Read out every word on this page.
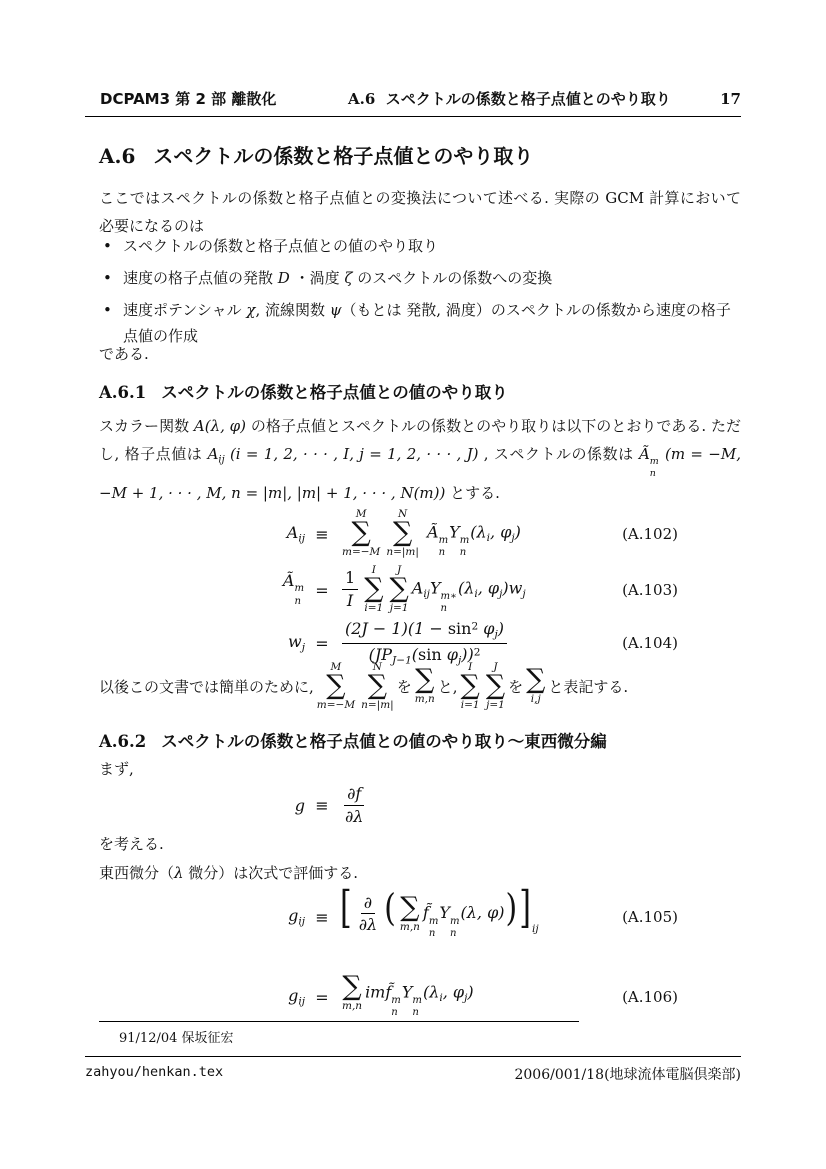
DCPAM3 第 2 部 離散化	A.6 スペクトルの係数と格子点値とのやり取り	17
A.6 スペクトルの係数と格子点値とのやり取り
ここではスペクトルの係数と格子点値との変換法について述べる. 実際の GCM 計算において必要になるのは
• スペクトルの係数と格子点値との値のやり取り
• 速度の格子点値の発散 D ・渦度 ζ のスペクトルの係数への変換
• 速度ポテンシャル χ, 流線関数 ψ（もとは 発散, 渦度）のスペクトルの係数から速度の格子点値の作成
である.
A.6.1 スペクトルの係数と格子点値との値のやり取り
スカラー関数 A(λ, φ) の格子点値とスペクトルの係数とのやり取りは以下のとおりである. ただし, 格子点値は $A_{ij}$ (i = 1, 2, · · · , I, j = 1, 2, · · · , J) , スペクトルの係数は Ã m
n
(m = −M, −M + 1, · · · , M, n = |m|, |m| + 1, · · · , N(m)) とする.
$A_{ij}$ ≡
M
∑
m=−M
N
∑
n=|m|
Ã m
n
Y m
n
($\lambda_i$, $\varphi_j$)	(A.102)
Ã m
n
= $\frac{1}{I}$ I
∑
i=1
J
∑
j=1
$A_{ij}Y$ m∗
n
($\lambda_i$, $\varphi_j)w_j$	(A.103)
$w_j = \frac{(2J - 1)(1 - \sin^2 \varphi_j)}{(JP_{J-1}(\sin \varphi_j))^2}$	(A.104)
以後この文書では簡単のために,
M
∑
m=−M
N
∑
n=|m|
を ∑
m,n
と,
I
∑
i=1
J
∑
j=1
を ∑
i,j
と表記する.
A.6.2 スペクトルの係数と格子点値との値のやり取り～東西微分編
まず,
$g \equiv \frac{\partial f}{\partial\lambda}$
を考える.
東西微分（λ 微分）は次式で評価する.
$g_{ij}$ ≡ [ $\frac{\partial}{\partial\lambda}$ ( ∑
m,n
f̃ m
n
Y m
n
(λ, $\varphi))]_{ij}$
(A.105)
$g_{ij}$ = ∑
m,n
imf̃ m
n
Y m
n
($\lambda_i$, $\varphi_j$)	(A.106)
91/12/04 保坂征宏
zahyou/henkan.tex	2006/001/18(地球流体電脳倶楽部)
